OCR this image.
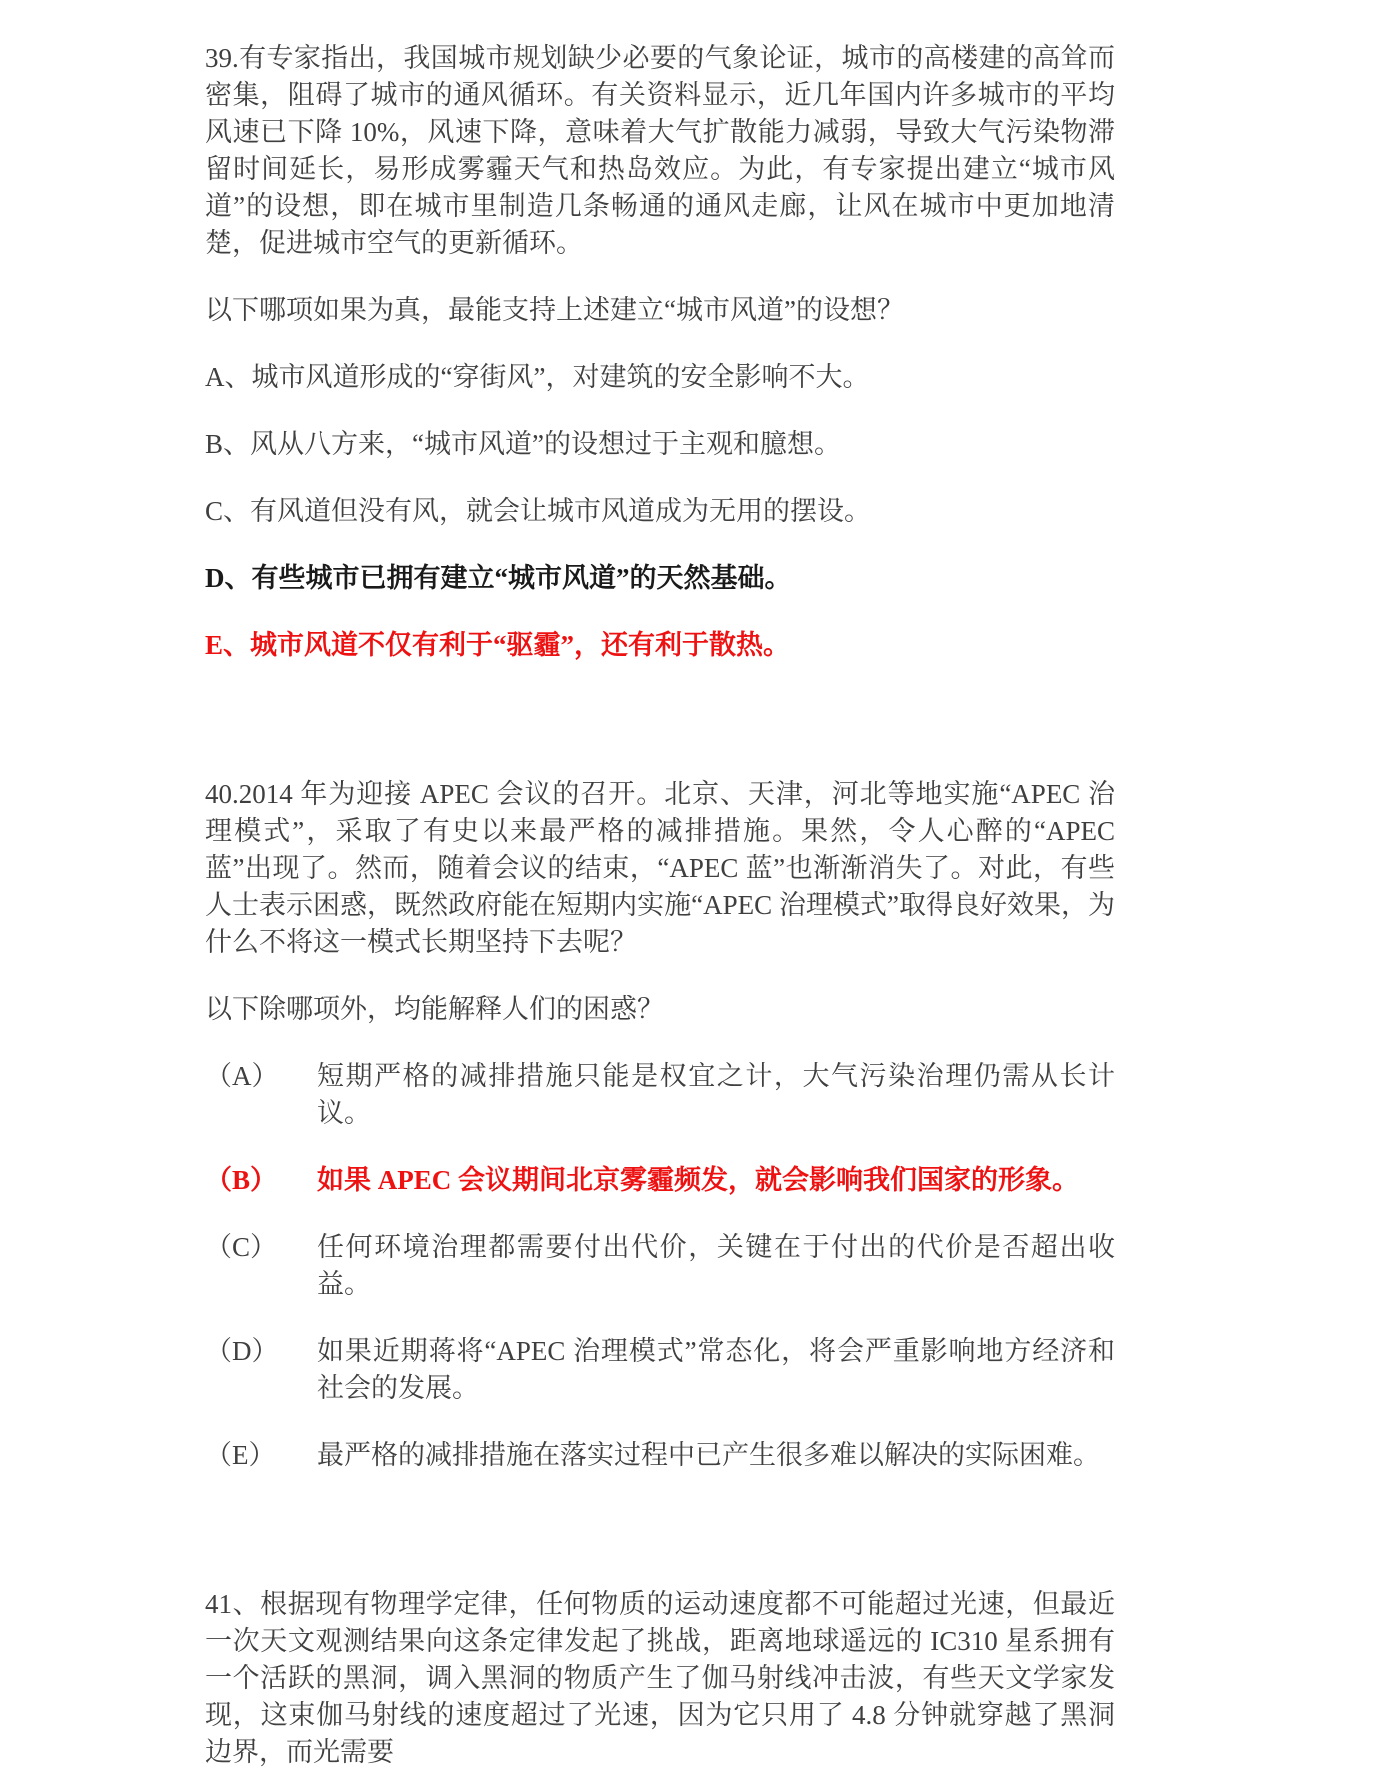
39.有专家指出，我国城市规划缺少必要的气象论证，城市的高楼建的高耸而密集，阻碍了城市的通风循环。有关资料显示，近几年国内许多城市的平均风速已下降 10%，风速下降，意味着大气扩散能力减弱，导致大气污染物滞留时间延长，易形成雾霾天气和热岛效应。为此，有专家提出建立“城市风道”的设想，即在城市里制造几条畅通的通风走廊，让风在城市中更加地清楚，促进城市空气的更新循环。

以下哪项如果为真，最能支持上述建立“城市风道”的设想？

A、城市风道形成的“穿街风”，对建筑的安全影响不大。

B、风从八方来，“城市风道”的设想过于主观和臆想。

C、有风道但没有风，就会让城市风道成为无用的摆设。

D、有些城市已拥有建立“城市风道”的天然基础。

E、城市风道不仅有利于“驱霾”，还有利于散热。

40.2014 年为迎接 APEC 会议的召开。北京、天津，河北等地实施“APEC 治理模式”，采取了有史以来最严格的减排措施。果然，令人心醉的“APEC 蓝”出现了。然而，随着会议的结束，“APEC 蓝”也渐渐消失了。对此，有些人士表示困惑，既然政府能在短期内实施“APEC 治理模式”取得良好效果，为什么不将这一模式长期坚持下去呢？

以下除哪项外，均能解释人们的困惑？

（A）	短期严格的减排措施只能是权宜之计，大气污染治理仍需从长计议。
（B）	如果 APEC 会议期间北京雾霾频发，就会影响我们国家的形象。
（C）	任何环境治理都需要付出代价，关键在于付出的代价是否超出收益。
（D）	如果近期蒋将“APEC 治理模式”常态化，将会严重影响地方经济和社会的发展。
（E）	最严格的减排措施在落实过程中已产生很多难以解决的实际困难。

41、根据现有物理学定律，任何物质的运动速度都不可能超过光速，但最近一次天文观测结果向这条定律发起了挑战，距离地球遥远的 IC310 星系拥有一个活跃的黑洞，调入黑洞的物质产生了伽马射线冲击波，有些天文学家发现，这束伽马射线的速度超过了光速，因为它只用了 4.8 分钟就穿越了黑洞边界，而光需要
